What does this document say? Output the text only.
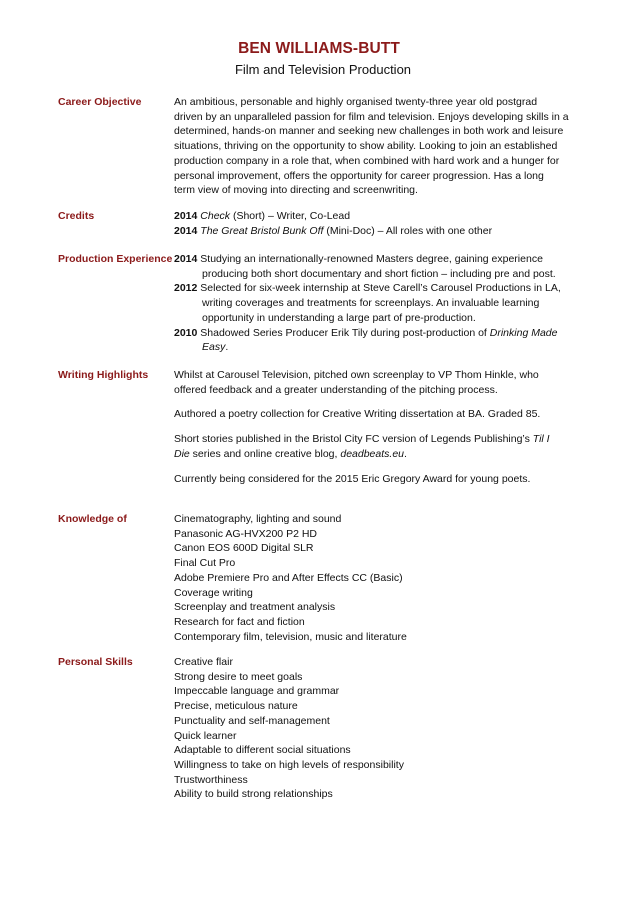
BEN WILLIAMS-BUTT
Film and Television Production
Career Objective	An ambitious, personable and highly organised twenty-three year old postgrad
driven by an unparalleled passion for film and television. Enjoys developing skills in a
determined, hands-on manner and seeking new challenges in both work and leisure
situations, thriving on the opportunity to show ability. Looking to join an established
production company in a role that, when combined with hard work and a hunger for
personal improvement, offers the opportunity for career progression. Has a long
term view of moving into directing and screenwriting.
Credits	2014 Check (Short) – Writer, Co-Lead
2014 The Great Bristol Bunk Off (Mini-Doc) – All roles with one other
Production Experience 2014 Studying an internationally-renowned Masters degree, gaining experience
producing both short documentary and short fiction – including pre and post.
2012 Selected for six-week internship at Steve Carell’s Carousel Productions in LA,
writing coverages and treatments for screenplays. An invaluable learning
opportunity in understanding a large part of pre-production.
2010 Shadowed Series Producer Erik Tily during post-production of Drinking Made
Easy.
Writing Highlights	Whilst at Carousel Television, pitched own screenplay to VP Thom Hinkle, who
offered feedback and a greater understanding of the pitching process.
Authored a poetry collection for Creative Writing dissertation at BA. Graded 85.
Short stories published in the Bristol City FC version of Legends Publishing’s Til I
Die series and online creative blog, deadbeats.eu.
Currently being considered for the 2015 Eric Gregory Award for young poets.
Knowledge of	Cinematography, lighting and sound
Panasonic AG-HVX200 P2 HD
Canon EOS 600D Digital SLR
Final Cut Pro
Adobe Premiere Pro and After Effects CC (Basic)
Coverage writing
Screenplay and treatment analysis
Research for fact and fiction
Contemporary film, television, music and literature
Personal Skills	Creative flair
Strong desire to meet goals
Impeccable language and grammar
Precise, meticulous nature
Punctuality and self-management
Quick learner
Adaptable to different social situations
Willingness to take on high levels of responsibility
Trustworthiness
Ability to build strong relationships
